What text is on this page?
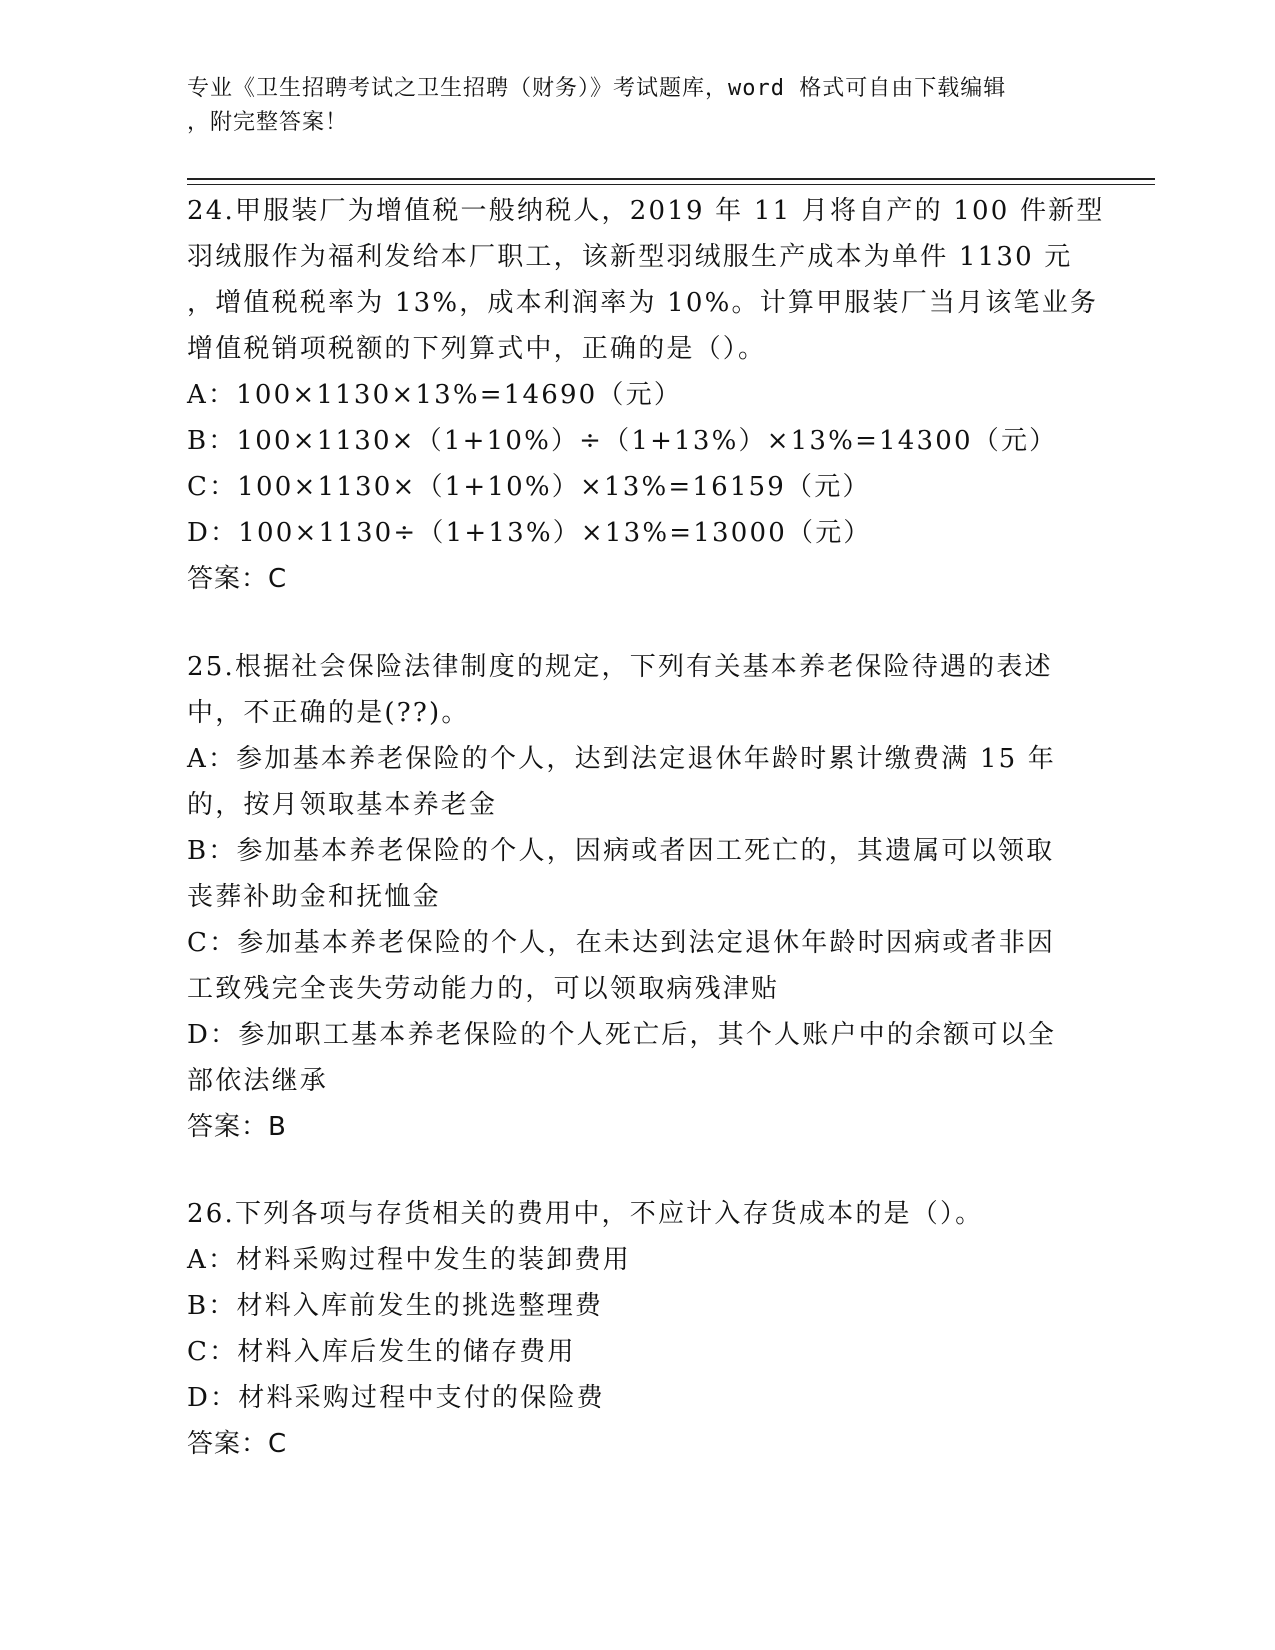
专业《卫生招聘考试之卫生招聘（财务）》考试题库，word 格式可自由下载编辑
，附完整答案！
24.甲服装厂为增值税一般纳税人，2019 年 11 月将自产的 100 件新型
羽绒服作为福利发给本厂职工，该新型羽绒服生产成本为单件 1130 元
，增值税税率为 13%，成本利润率为 10%。计算甲服装厂当月该笔业务
增值税销项税额的下列算式中，正确的是（）。
A：100×1130×13%=14690（元）
B：100×1130×（1+10%）÷（1+13%）×13%=14300（元）
C：100×1130×（1+10%）×13%=16159（元）
D：100×1130÷（1+13%）×13%=13000（元）
答案：C
25.根据社会保险法律制度的规定，下列有关基本养老保险待遇的表述
中，不正确的是(??)。
A：参加基本养老保险的个人，达到法定退休年龄时累计缴费满 15 年
的，按月领取基本养老金
B：参加基本养老保险的个人，因病或者因工死亡的，其遗属可以领取
丧葬补助金和抚恤金
C：参加基本养老保险的个人，在未达到法定退休年龄时因病或者非因
工致残完全丧失劳动能力的，可以领取病残津贴
D：参加职工基本养老保险的个人死亡后，其个人账户中的余额可以全
部依法继承
答案：B
26.下列各项与存货相关的费用中，不应计入存货成本的是（）。
A：材料采购过程中发生的装卸费用
B：材料入库前发生的挑选整理费
C：材料入库后发生的储存费用
D：材料采购过程中支付的保险费
答案：C
